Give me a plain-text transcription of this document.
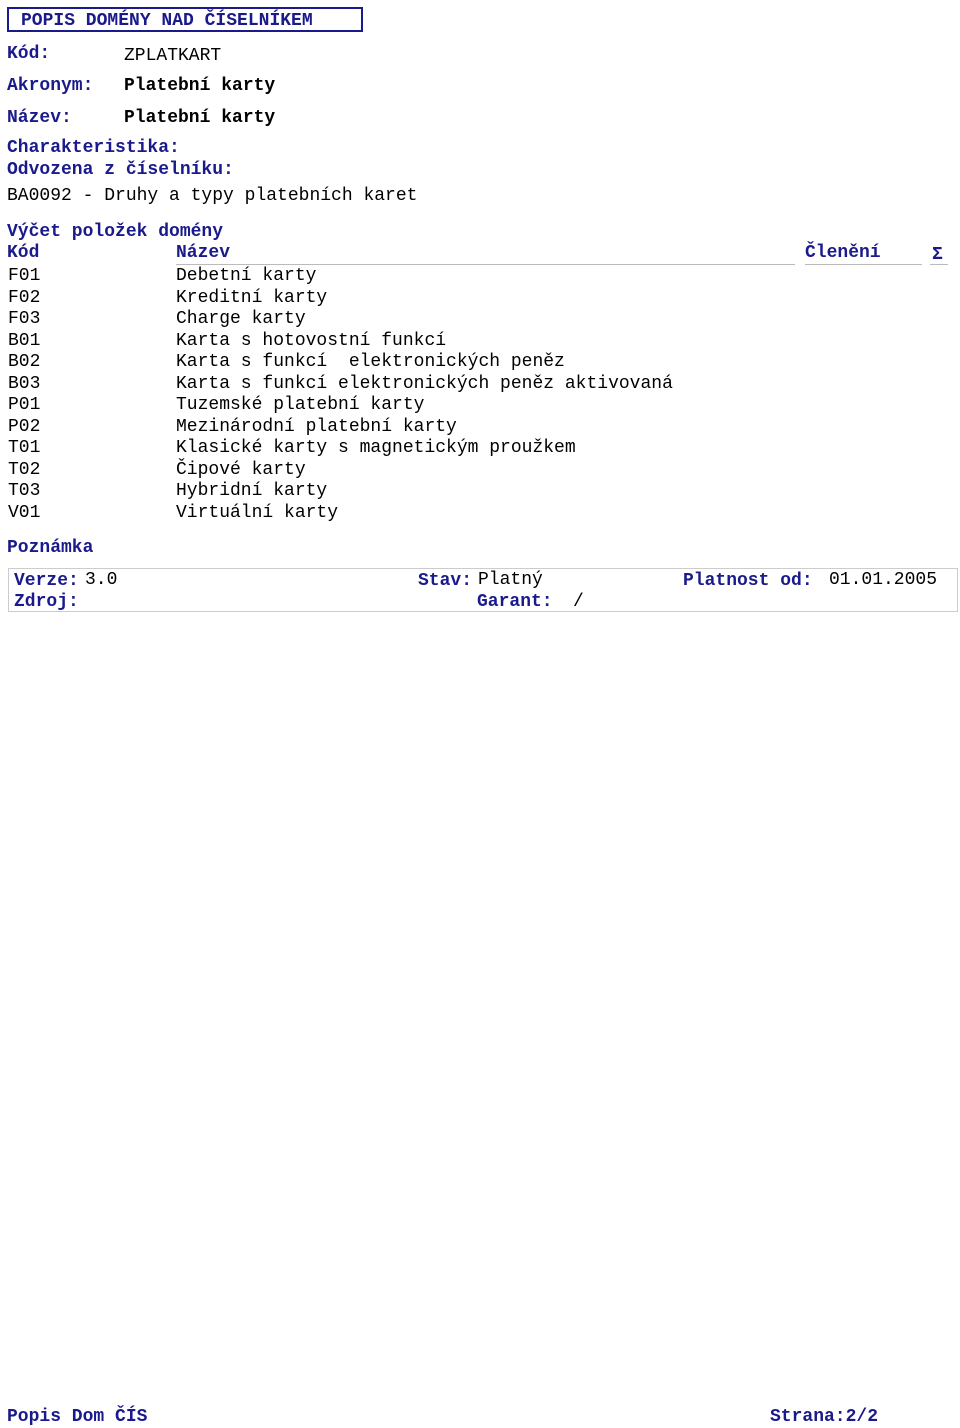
POPIS DOMÉNY NAD ČÍSELNÍKEM

Kód:	ZPLATKART
Akronym: Platební karty
Název:	Platební karty
Charakteristika:
Odvozena z číselníku:
BA0092 - Druhy a typy platebních karet
Výčet položek domény
Kód	Název	Členění	Σ
F01	Debetní karty
F02	Kreditní karty
F03	Charge karty
B01	Karta s hotovostní funkcí
B02	Karta s funkcí  elektronických peněz
B03	Karta s funkcí elektronických peněz aktivovaná
P01	Tuzemské platební karty
P02	Mezinárodní platební karty
T01	Klasické karty s magnetickým proužkem
T02	Čipové karty
T03	Hybridní karty
V01	Virtuální karty
Poznámka
Verze: 3.0	Stav: Platný	Platnost od: 01.01.2005
Zdroj:	Garant: /
Popis Dom ČÍS	Strana:2/2
